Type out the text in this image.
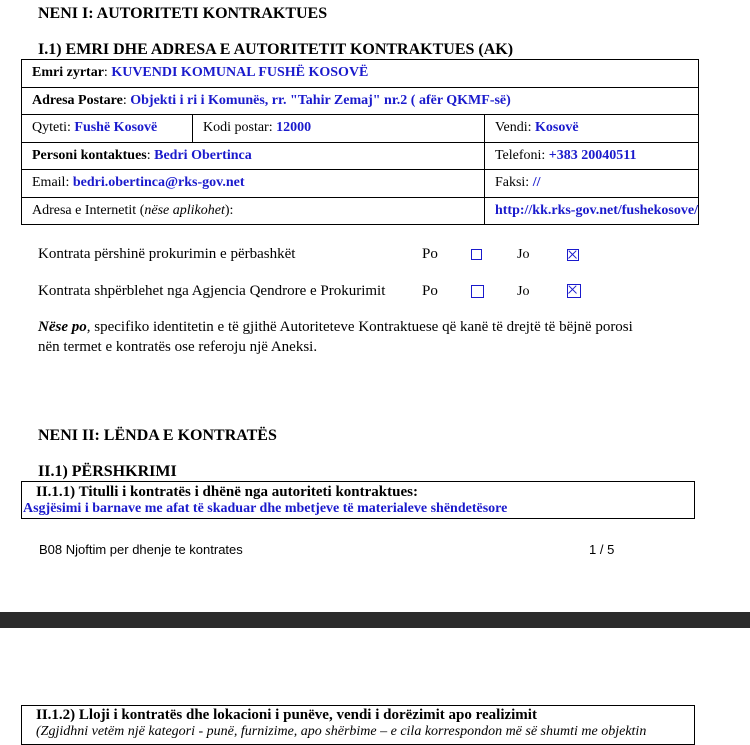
NENI I: AUTORITETI KONTRAKTUES
I.1) EMRI DHE ADRESA E AUTORITETIT KONTRAKTUES (AK)
Emri zyrtar: KUVENDI KOMUNAL FUSHË KOSOVË		
Adresa Postare: Objekti i ri i Komunës, rr. "Tahir Zemaj" nr.2 ( afër QKMF-së)		
Qyteti: Fushë Kosovë	Kodi postar: 12000	Vendi: Kosovë
Personi kontaktues: Bedri Obertinca		Telefoni: +383 20040511
Email: bedri.obertinca@rks-gov.net		Faksi: //
Adresa e Internetit (nëse aplikohet):		http://kk.rks-gov.net/fushekosove/
Kontrata përshinë prokurimin e përbashkët	Po	Jo
Kontrata shpërblehet nga Agjencia Qendrore e Prokurimit Po	Jo
Nëse po, specifiko identitetin e të gjithë Autoriteteve Kontraktuese që kanë të drejtë të bëjnë porosi
nën termet e kontratës ose referoju një Aneksi.
NENI II: LËNDA E KONTRATËS
II.1) PËRSHKRIMI
II.1.1) Titulli i kontratës i dhënë nga autoriteti kontraktues:
Asgjësimi i barnave me afat të skaduar dhe mbetjeve të materialeve shëndetësore
B08 Njoftim per dhenje te kontrates	1 / 5
II.1.2) Lloji i kontratës dhe lokacioni i punëve, vendi i dorëzimit apo realizimit
(Zgjidhni vetëm një kategori - punë, furnizime, apo shërbime – e cila korrespondon më së shumti me objektin
